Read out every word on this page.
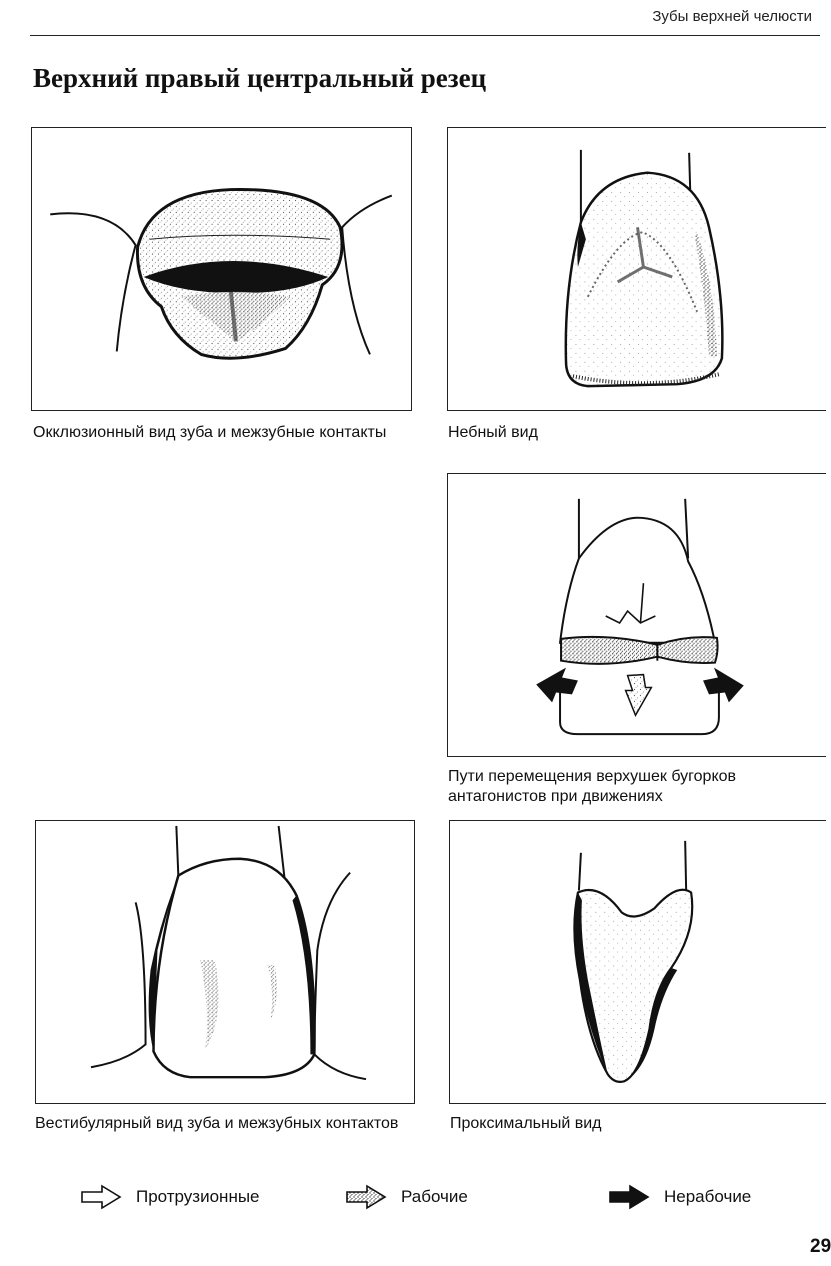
Зубы верхней челюсти
Верхний правый центральный резец
Окклюзионный вид зуба и межзубные контакты	Небный вид
Пути перемещения верхушек бугорков антагонистов при движениях
Вестибулярный вид зуба и межзубных контактов	Проксимальный вид
Протрузионные	Рабочие	Нерабочие
29
